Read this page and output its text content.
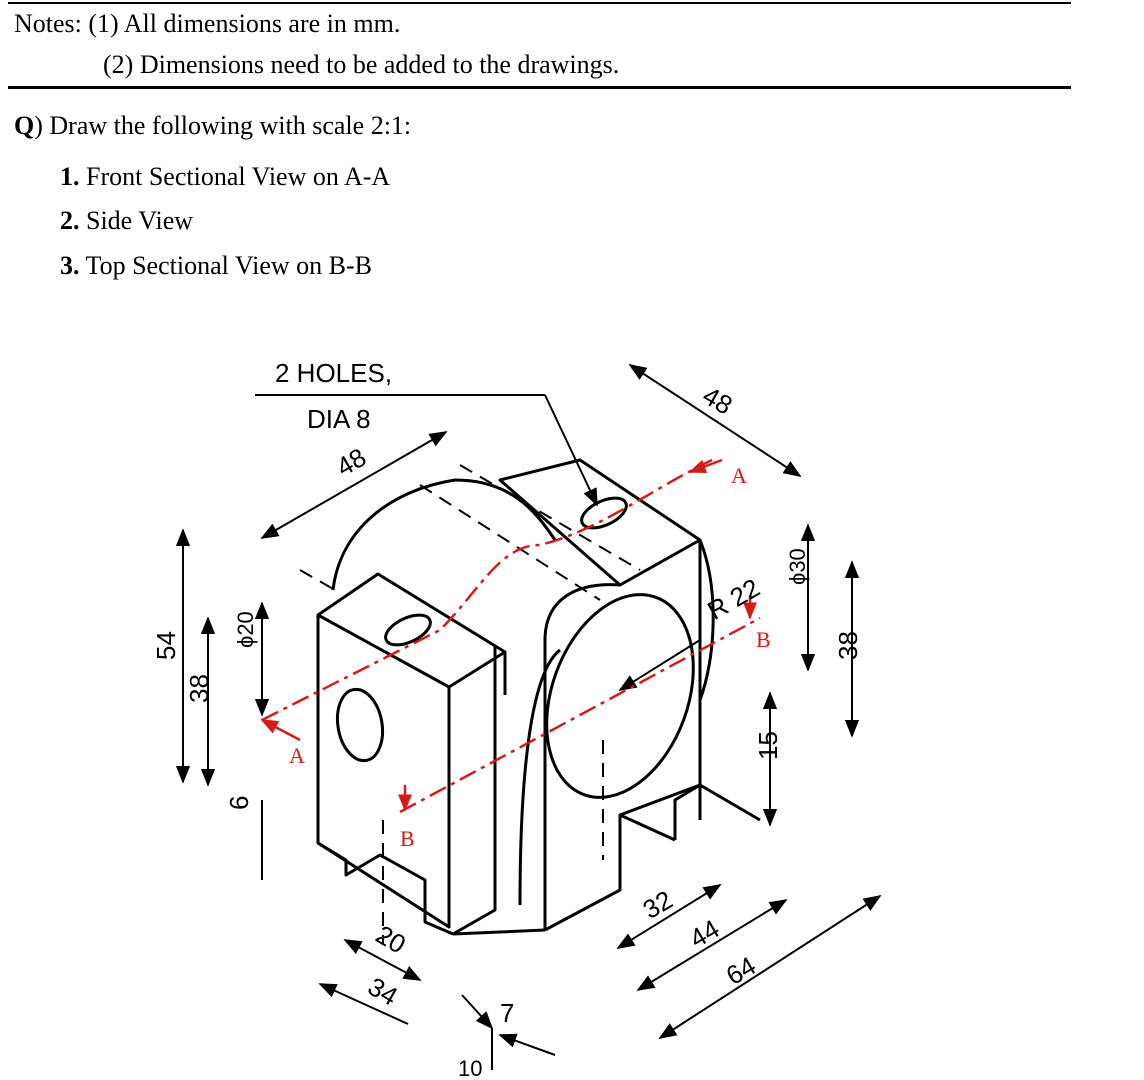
Notes: (1) All dimensions are in mm.
(2) Dimensions need to be added to the drawings.
Q) Draw the following with scale 2:1:
1. Front Sectional View on A-A
2. Side View
3. Top Sectional View on B-B
2 HOLES,
DIA 8
48
48
54
38
ϕ20
6
20
34
10
7
32
44
64
15
38
R 22
ϕ30
A
A
B
B
